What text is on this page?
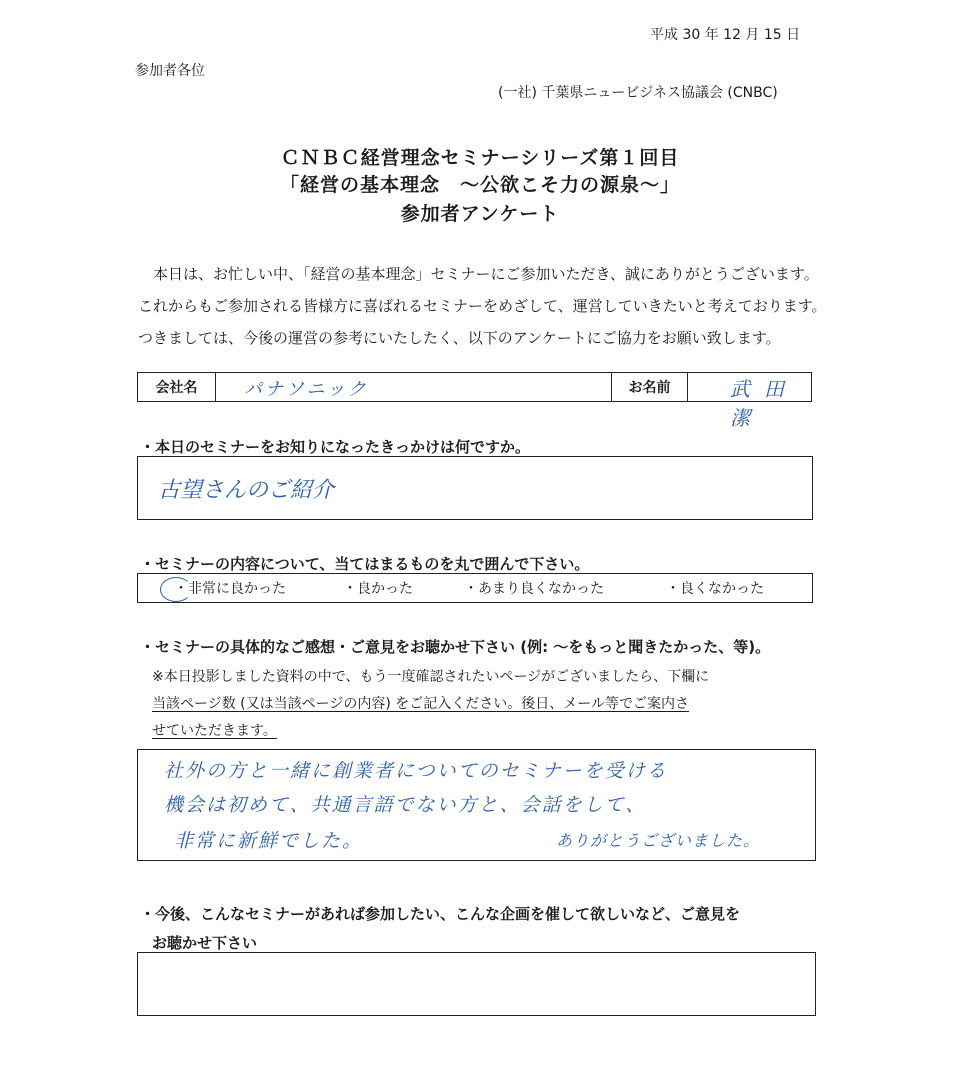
平成 30 年 12 月 15 日
参加者各位
(一社) 千葉県ニュービジネス協議会 (CNBC)
ＣＮＢＣ経営理念セミナーシリーズ第１回目
「経営の基本理念　～公欲こそ力の源泉～」
参加者アンケート

　本日は、お忙しい中、「経営の基本理念」セミナーにご参加いただき、誠にありがとうございます。これからもご参加される皆様方に喜ばれるセミナーをめざして、運営していきたいと考えております。つきましては、今後の運営の参考にいたしたく、以下のアンケートにご協力をお願い致します。

会社名	パナソニック	お名前	武田 潔
・本日のセミナーをお知りになったきっかけは何ですか。
古望さんのご紹介
・セミナーの内容について、当てはまるものを丸で囲んで下さい。
・非常に良かった	・良かった	・あまり良くなかった	・良くなかった
・セミナーの具体的なご感想・ご意見をお聴かせ下さい (例: ～をもっと聞きたかった、等)。
※本日投影しました資料の中で、もう一度確認されたいページがございましたら、下欄に
当該ページ数 (又は当該ページの内容) をご記入ください。後日、メール等でご案内さ
せていただきます。
社外の方と一緒に創業者についてのセミナーを受ける
機会は初めて、共通言語でない方と、会話をして、
非常に新鮮でした。	ありがとうございました。
・今後、こんなセミナーがあれば参加したい、こんな企画を催して欲しいなど、ご意見を
お聴かせ下さい
